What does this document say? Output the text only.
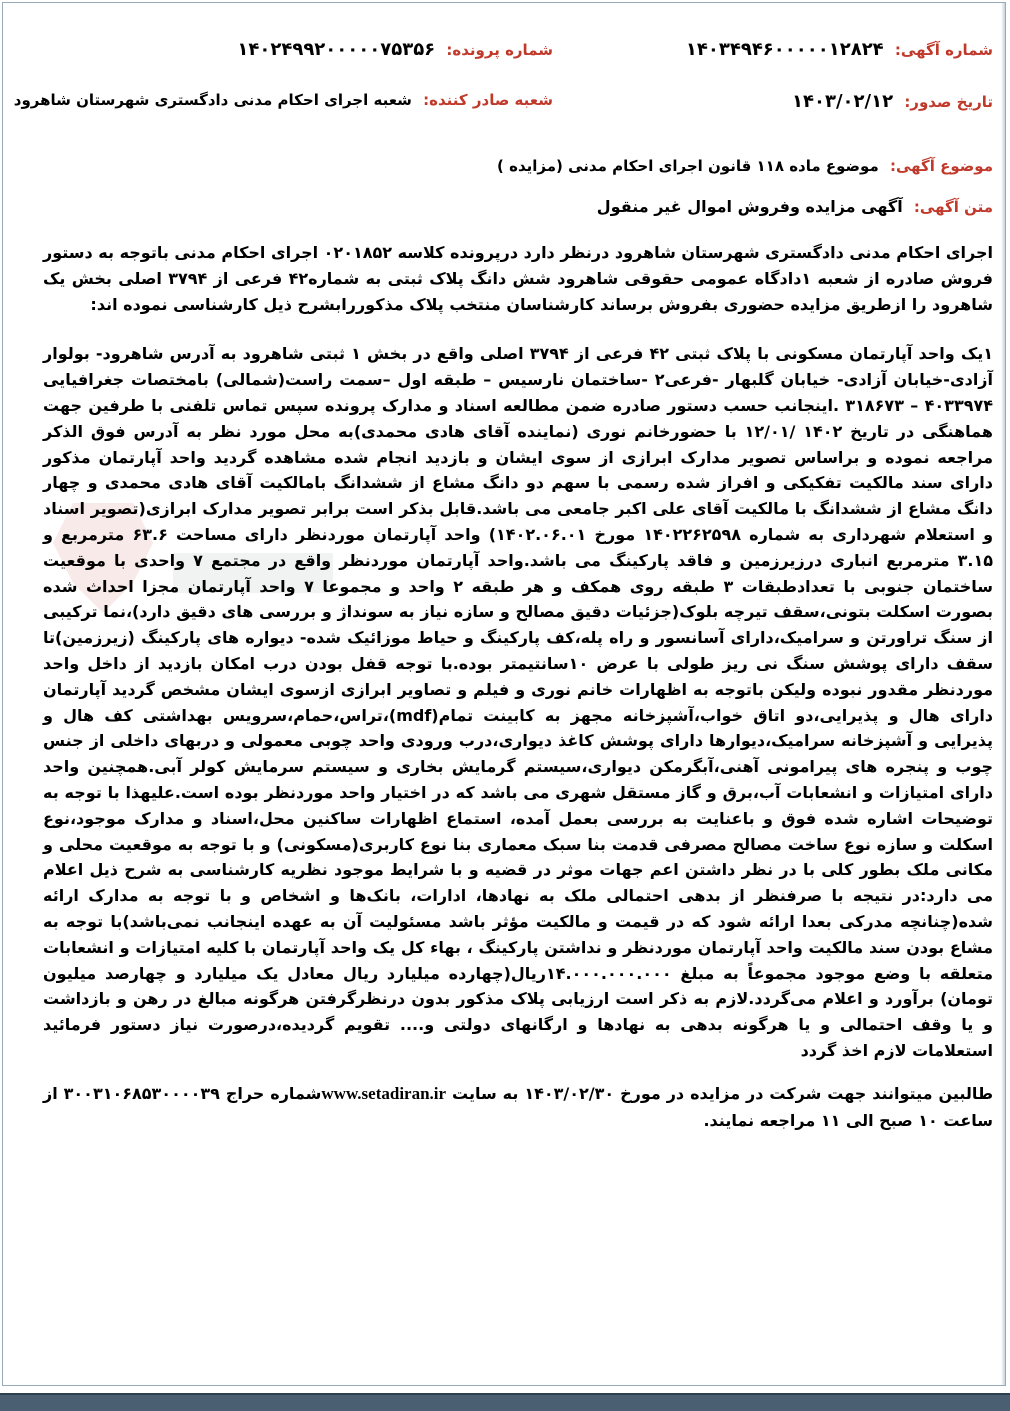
شماره آگهی: ۱۴۰۳۴۹۴۶۰۰۰۰۰۱۲۸۲۴
شماره پرونده: ۱۴۰۲۴۹۹۲۰۰۰۰۰۷۵۳۵۶
تاریخ صدور: ۱۴۰۳/۰۲/۱۲
شعبه صادر کننده: شعبه اجرای احکام مدنی دادگستری شهرستان شاهرود
موضوع آگهی: موضوع ماده ۱۱۸ قانون اجرای احکام مدنی (مزایده )
متن آگهی: آگهی مزایده وفروش اموال غیر منقول

اجرای احکام مدنی دادگستری شهرستان شاهرود درنظر دارد درپرونده کلاسه ۰۲۰۱۸۵۲ اجرای احکام مدنی باتوجه به دستور فروش صادره از شعبه ۱دادگاه عمومی حقوقی شاهرود شش دانگ پلاک ثبتی به شماره۴۲ فرعی از ۳۷۹۴ اصلی بخش یک شاهرود را ازطریق مزایده حضوری بفروش برساند کارشناسان منتخب پلاک مذکوررابشرح ذیل کارشناسی نموده اند:

۱یک واحد آپارتمان مسکونی با پلاک ثبتی ۴۲ فرعی از ۳۷۹۴ اصلی واقع در بخش ۱ ثبتی شاهرود به آدرس شاهرود- بولوار آزادی-خیابان آزادی- خیابان گلبهار -فرعی۲ -ساختمان نارسیس – طبقه اول –سمت راست(شمالی) بامختصات جغرافیایی ۴۰۳۳۹۷۴ – ۳۱۸۶۷۳ .اینجانب حسب دستور صادره ضمن مطالعه اسناد و مدارک پرونده سپس تماس تلفنی با طرفین جهت هماهنگی در تاریخ ۱۴۰۲ /۱۲/۰۱ با حضورخانم نوری (نماینده آقای هادی محمدی)به محل مورد نظر به آدرس فوق الذکر مراجعه نموده و براساس تصویر مدارک ابرازی از سوی ایشان و بازدید انجام شده مشاهده گردید واحد آپارتمان مذکور دارای سند مالکیت تفکیکی و افراز شده رسمی با سهم دو دانگ مشاع از ششدانگ بامالکیت آقای هادی محمدی و چهار دانگ مشاع از ششدانگ با مالکیت آقای علی اکبر جامعی می باشد.قابل بذکر است برابر تصویر مدارک ابرازی(تصویر اسناد و استعلام شهرداری به شماره ۱۴۰۲۲۶۲۵۹۸ مورخ ۱۴۰۲.۰۶.۰۱) واحد آپارتمان موردنظر دارای مساحت ۶۳.۶ مترمربع و ۳.۱۵ مترمربع انباری درزیرزمین و فاقد پارکینگ می باشد.واحد آپارتمان موردنظر واقع در مجتمع ۷ واحدی با موقعیت ساختمان جنوبی با تعدادطبقات ۳ طبقه روی همکف و هر طبقه ۲ واحد و مجموعا ۷ واحد آپارتمان مجزا احداث شده بصورت اسکلت بتونی،سقف تیرچه بلوک(جزئیات دقیق مصالح و سازه نیاز به سونداژ و بررسی های دقیق دارد)،نما ترکیبی از سنگ تراورتن و سرامیک،دارای آسانسور و راه پله،کف پارکینگ و حیاط موزائیک شده- دیواره های پارکینگ (زیرزمین)تا سقف دارای پوشش سنگ نی ریز طولی با عرض ۱۰سانتیمتر بوده.با توجه قفل بودن درب امکان بازدید از داخل واحد موردنظر مقدور نبوده ولیکن باتوجه به اظهارات خانم نوری و فیلم و تصاویر ابرازی ازسوی ایشان مشخص گردید آپارتمان دارای هال و پذیرایی،دو اتاق خواب،آشپزخانه مجهز به کابینت تمام(mdf)،تراس،حمام،سرویس بهداشتی کف هال و پذیرایی و آشپزخانه سرامیک،دیوارها دارای پوشش کاغذ دیواری،درب ورودی واحد چوبی معمولی و دربهای داخلی از جنس چوب و پنجره های پیرامونی آهنی،آبگرمکن دیواری،سیستم گرمایش بخاری و سیستم سرمایش کولر آبی.همچنین واحد دارای امتیازات و انشعابات آب،برق و گاز مستقل شهری می باشد که در اختیار واحد موردنظر بوده است.علیهذا با توجه به توضیحات اشاره شده فوق و باعنایت به بررسی بعمل آمده، استماع اظهارات ساکنین محل،اسناد و مدارک موجود،نوع اسکلت و سازه نوع ساخت مصالح مصرفی قدمت بنا سبک معماری بنا نوع کاربری(مسکونی) و با توجه به موقعیت محلی و مکانی ملک بطور کلی با در نظر داشتن اعم جهات موثر در قضیه و با شرایط موجود نظریه کارشناسی به شرح ذیل اعلام می دارد:در نتیجه با صرفنظر از بدهی احتمالی ملک به نهادها، ادارات، بانک‌ها و اشخاص و با توجه به مدارک ارائه شده(چنانچه مدرکی بعدا ارائه شود که در قیمت و مالکیت مؤثر باشد مسئولیت آن به عهده اینجانب نمی‌باشد)با توجه به مشاع بودن سند مالکیت واحد آپارتمان موردنظر و نداشتن پارکینگ ، بهاء کل یک واحد آپارتمان با کلیه امتیازات و انشعابات متعلقه با وضع موجود مجموعاً به مبلغ ۱۴.۰۰۰.۰۰۰.۰۰۰ریال(چهارده میلیارد ریال معادل یک میلیارد و چهارصد میلیون تومان) برآورد و اعلام می‌گردد.لازم به ذکر است ارزیابی پلاک مذکور بدون درنظرگرفتن هرگونه مبالغ در رهن و بازداشت و یا وقف احتمالی و یا هرگونه بدهی به نهادها و ارگانهای دولتی و.... تقویم گردیده،درصورت نیاز دستور فرمائید استعلامات لازم اخذ گردد

طالبین میتوانند جهت شرکت در مزایده در مورخ ۱۴۰۳/۰۲/۳۰ به سایت www.setadiran.irشماره حراج ۳۰۰۳۱۰۶۸۵۳۰۰۰۰۳۹ از ساعت ۱۰ صبح الی ۱۱ مراجعه نمایند.
